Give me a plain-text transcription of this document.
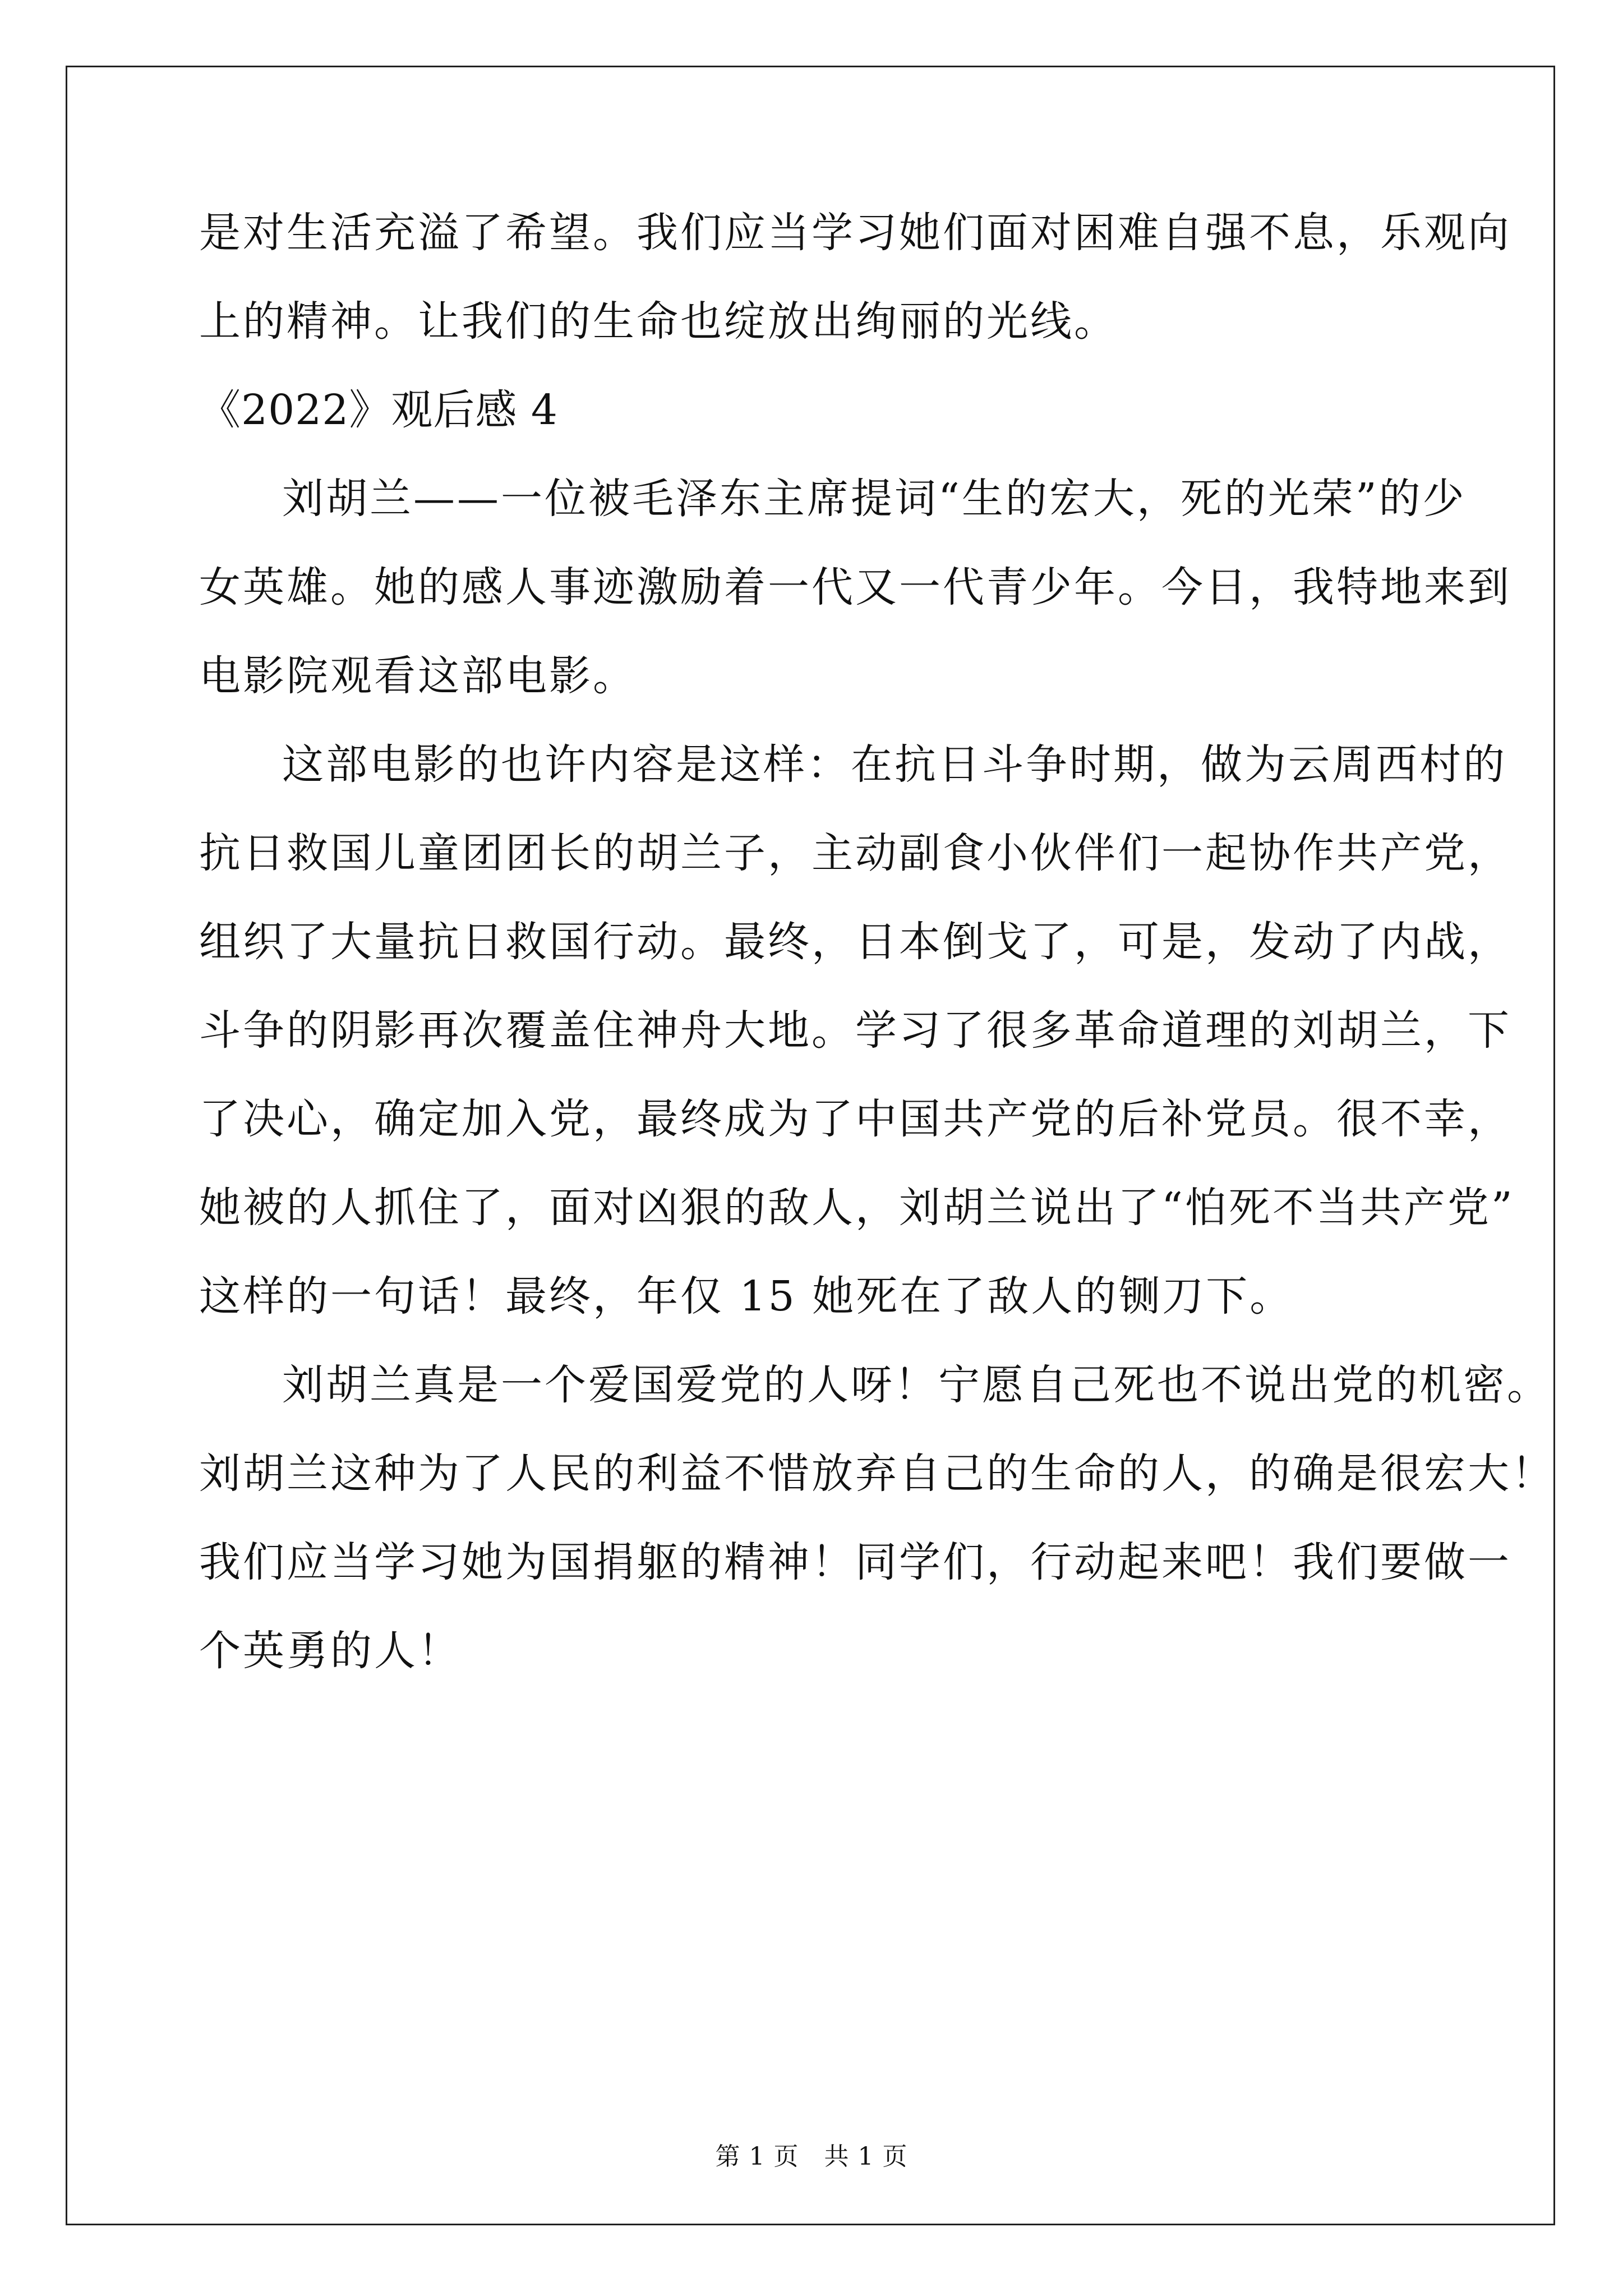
是对生活充溢了希望。我们应当学习她们面对困难自强不息，乐观向
上的精神。让我们的生命也绽放出绚丽的光线。
《2022》观后感 4
刘胡兰——一位被毛泽东主席提词“生的宏大，死的光荣”的少
女英雄。她的感人事迹激励着一代又一代青少年。今日，我特地来到
电影院观看这部电影。
这部电影的也许内容是这样：在抗日斗争时期，做为云周西村的
抗日救国儿童团团长的胡兰子，主动副食小伙伴们一起协作共产党，
组织了大量抗日救国行动。最终，日本倒戈了，可是，发动了内战，
斗争的阴影再次覆盖住神舟大地。学习了很多革命道理的刘胡兰，下
了决心，确定加入党，最终成为了中国共产党的后补党员。很不幸，
她被的人抓住了，面对凶狠的敌人，刘胡兰说出了“怕死不当共产党”
这样的一句话！最终，年仅 15 她死在了敌人的铡刀下。
刘胡兰真是一个爱国爱党的人呀！宁愿自己死也不说出党的机密。
刘胡兰这种为了人民的利益不惜放弃自己的生命的人，的确是很宏大！
我们应当学习她为国捐躯的精神！同学们，行动起来吧！我们要做一
个英勇的人！
第 1 页　共 1 页
